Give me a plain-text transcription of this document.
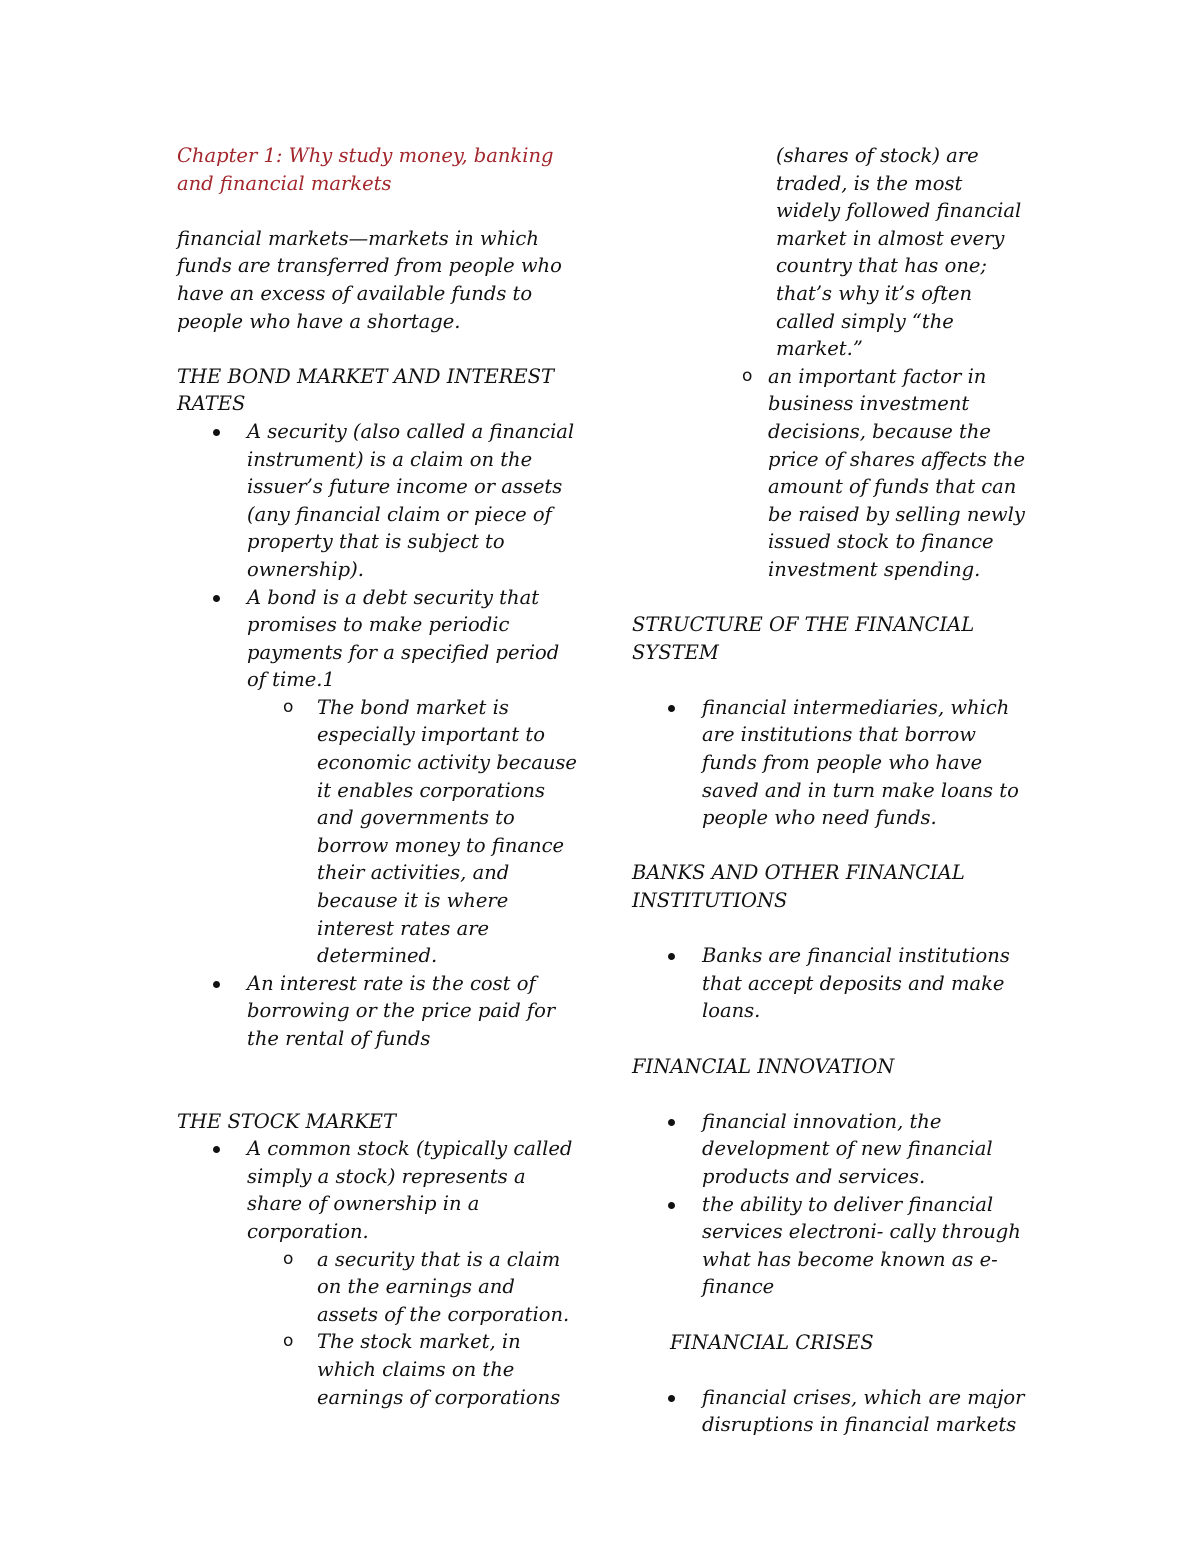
Chapter 1: Why study money, banking and financial markets

financial markets—markets in which funds are transferred from people who have an excess of available funds to people who have a shortage.

THE BOND MARKET AND INTEREST RATES

A security (also called a financial instrument) is a claim on the issuer’s future income or assets (any financial claim or piece of property that is subject to ownership).
A bond is a debt security that promises to make periodic payments for a specified period of time.1
o The bond market is especially important to economic activity because it enables corporations and governments to borrow money to finance their activities, and because it is where interest rates are determined.
An interest rate is the cost of borrowing or the price paid for the rental of funds

THE STOCK MARKET

A common stock (typically called simply a stock) represents a share of ownership in a corporation.
o a security that is a claim on the earnings and assets of the corporation.
o The stock market, in which claims on the earnings of corporations

(shares of stock) are traded, is the most widely followed financial market in almost every country that has one; that’s why it’s often called simply “the market.”

o an important factor in business investment decisions, because the price of shares affects the amount of funds that can be raised by selling newly issued stock to finance investment spending.

STRUCTURE OF THE FINANCIAL SYSTEM

financial intermediaries, which are institutions that borrow funds from people who have saved and in turn make loans to people who need funds.

BANKS AND OTHER FINANCIAL INSTITUTIONS

Banks are financial institutions that accept deposits and make loans.

FINANCIAL INNOVATION

financial innovation, the development of new financial products and services.
the ability to deliver financial services electroni- cally through what has become known as e-finance

FINANCIAL CRISES

financial crises, which are major disruptions in financial markets
